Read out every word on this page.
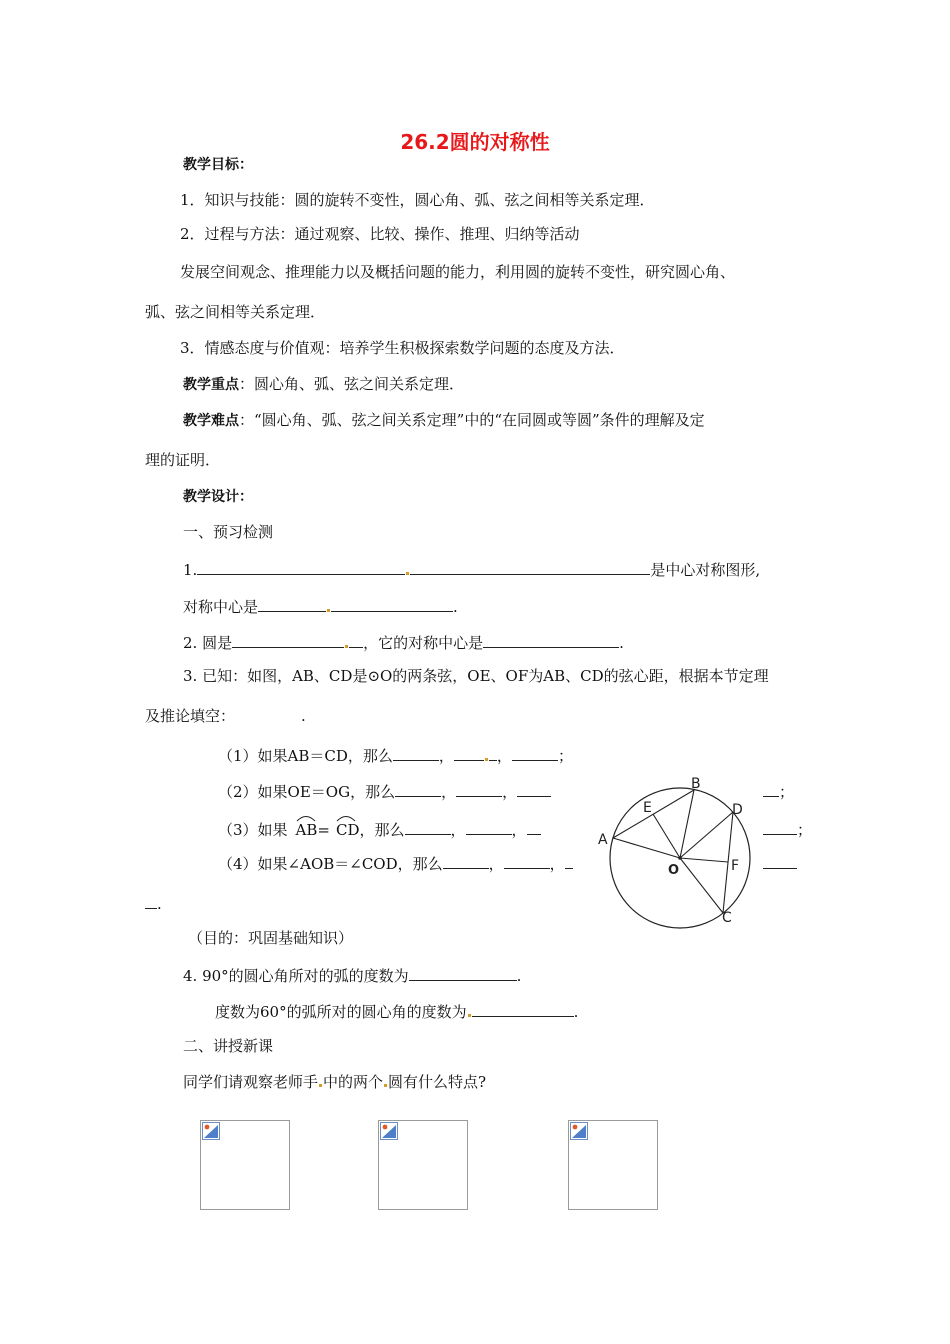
26.2圆的对称性
教学目标：
1．知识与技能：圆的旋转不变性，圆心角、弧、弦之间相等关系定理．
2．过程与方法：通过观察、比较、操作、推理、归纳等活动
发展空间观念、推理能力以及概括问题的能力，利用圆的旋转不变性，研究圆心角、
弧、弦之间相等关系定理．
3．情感态度与价值观：培养学生积极探索数学问题的态度及方法．
教学重点：圆心角、弧、弦之间关系定理．
教学难点：“圆心角、弧、弦之间关系定理”中的“在同圆或等圆”条件的理解及定
理的证明．
教学设计：
一、预习检测
1.	是中心对称图形,
对称中心是	.
2. 圆是	，它的对称中心是	.
3. 已知：如图，AB、CD是⊙O的两条弦，OE、OF为AB、CD的弦心距，根据本节定理
及推论填空：	.
（1）如果AB＝CD，那么	，	，	；
（2）如果OE＝OG，那么	，	，	；
（3）如果 AB= CD，那么	，	，	；
（4）如果∠AOB＝∠COD，那么	，	，
.
A
B
D
E
F
O
C
（目的：巩固基础知识）
4. 90°的圆心角所对的弧的度数为	.
度数为60°的弧所对的圆心角的度数为	.
二、讲授新课
同学们请观察老师手 中的两个 圆有什么特点?
